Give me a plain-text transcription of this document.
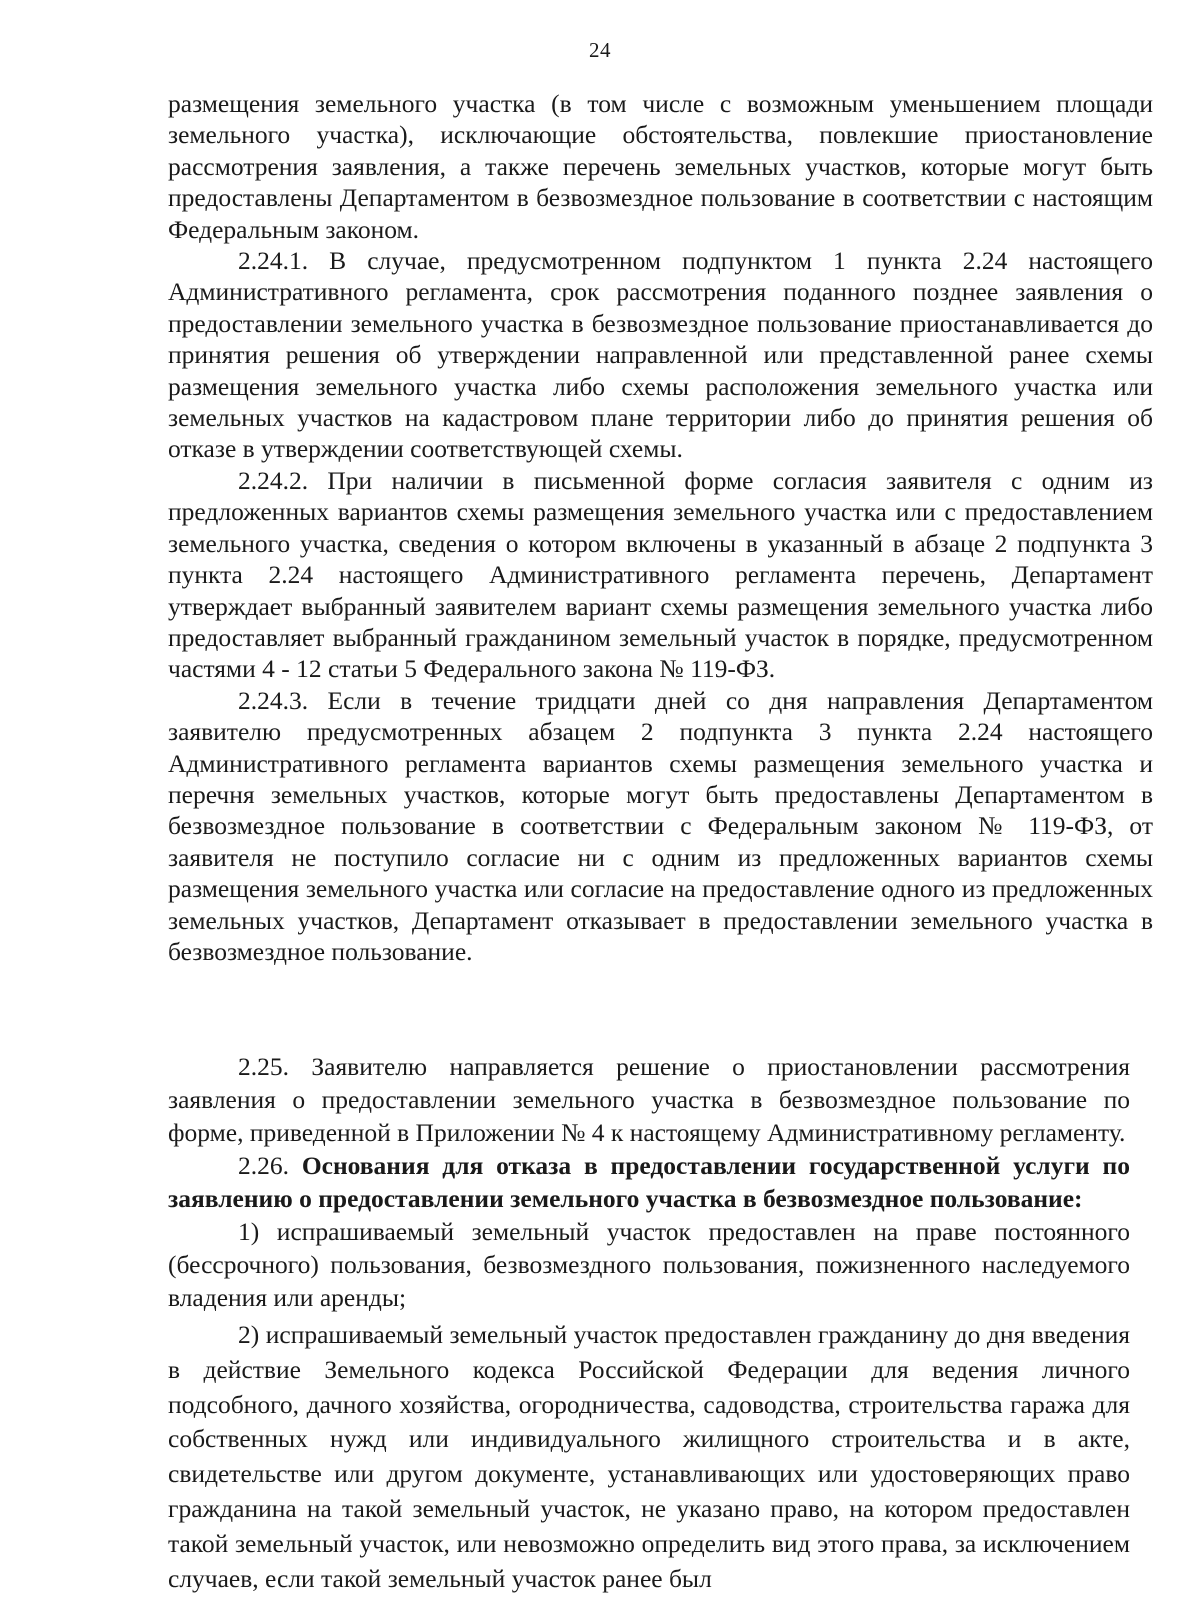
24

размещения земельного участка (в том числе с возможным уменьшением площади земельного участка), исключающие обстоятельства, повлекшие приостановление рассмотрения заявления, а также перечень земельных участков, которые могут быть предоставлены Департаментом в безвозмездное пользование в соответствии с настоящим Федеральным законом.

2.24.1. В случае, предусмотренном подпунктом 1 пункта 2.24 настоящего Административного регламента, срок рассмотрения поданного позднее заявления о предоставлении земельного участка в безвозмездное пользование приостанавливается до принятия решения об утверждении направленной или представленной ранее схемы размещения земельного участка либо схемы расположения земельного участка или земельных участков на кадастровом плане территории либо до принятия решения об отказе в утверждении соответствующей схемы.

2.24.2. При наличии в письменной форме согласия заявителя с одним из предложенных вариантов схемы размещения земельного участка или с предоставлением земельного участка, сведения о котором включены в указанный в абзаце 2 подпункта 3 пункта 2.24 настоящего Административного регламента перечень, Департамент утверждает выбранный заявителем вариант схемы размещения земельного участка либо предоставляет выбранный гражданином земельный участок в порядке, предусмотренном частями 4 - 12 статьи 5 Федерального закона № 119-ФЗ.

2.24.3. Если в течение тридцати дней со дня направления Департаментом заявителю предусмотренных абзацем 2 подпункта 3 пункта 2.24 настоящего Административного регламента вариантов схемы размещения земельного участка и перечня земельных участков, которые могут быть предоставлены Департаментом в безвозмездное пользование в соответствии с Федеральным законом № 119-ФЗ, от заявителя не поступило согласие ни с одним из предложенных вариантов схемы размещения земельного участка или согласие на предоставление одного из предложенных земельных участков, Департамент отказывает в предоставлении земельного участка в безвозмездное пользование.

2.25. Заявителю направляется решение о приостановлении рассмотрения заявления о предоставлении земельного участка в безвозмездное пользование по форме, приведенной в Приложении № 4 к настоящему Административному регламенту.

2.26. Основания для отказа в предоставлении государственной услуги по заявлению о предоставлении земельного участка в безвозмездное пользование:

1) испрашиваемый земельный участок предоставлен на праве постоянного (бессрочного) пользования, безвозмездного пользования, пожизненного наследуемого владения или аренды;

2) испрашиваемый земельный участок предоставлен гражданину до дня введения в действие Земельного кодекса Российской Федерации для ведения личного подсобного, дачного хозяйства, огородничества, садоводства, строительства гаража для собственных нужд или индивидуального жилищного строительства и в акте, свидетельстве или другом документе, устанавливающих или удостоверяющих право гражданина на такой земельный участок, не указано право, на котором предоставлен такой земельный участок, или невозможно определить вид этого права, за исключением случаев, если такой земельный участок ранее был
